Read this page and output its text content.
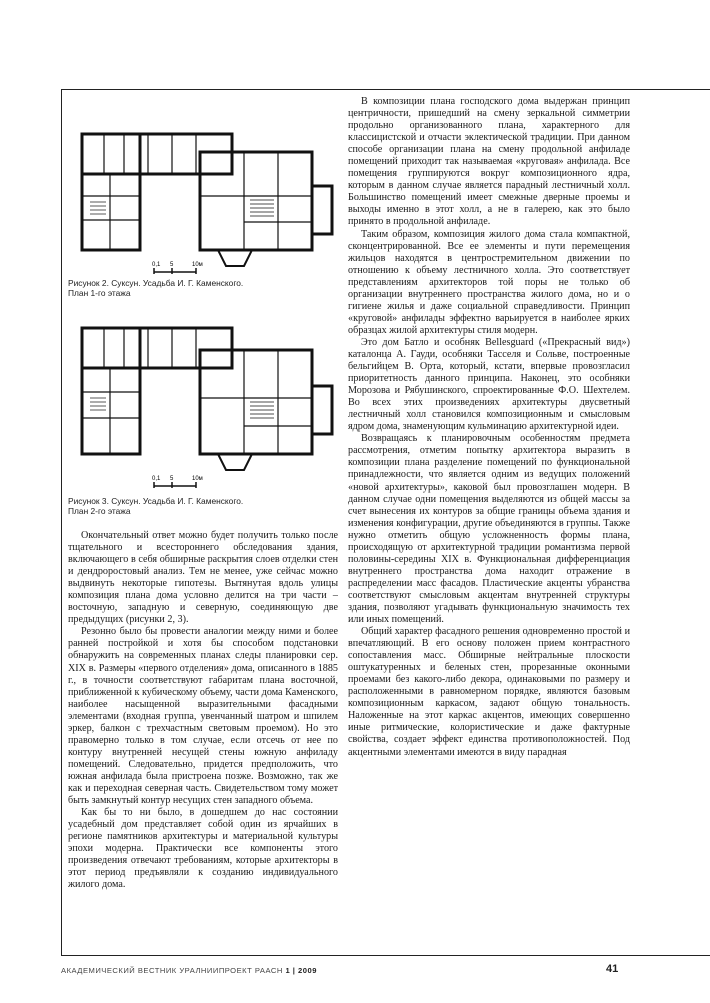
0,1 5	10м
Рисунок 2. Суксун. Усадьба И. Г. Каменского.
План 1-го этажа
0,1 5	10м
Рисунок 3. Суксун. Усадьба И. Г. Каменского.
План 2-го этажа

Окончательный ответ можно будет получить только после тщательного и всестороннего обследования здания, включающего в себя обширные раскрытия слоев отделки стен и дендроростовый анализ. Тем не менее, уже сейчас можно выдвинуть некоторые гипотезы. Вытянутая вдоль улицы композиция плана дома условно делится на три части – восточную, западную и северную, соединяющую две предыдущих (рисунки 2, 3).

Резонно было бы провести аналогии между ними и более ранней постройкой и хотя бы способом подстановки обнаружить на современных планах следы планировки сер. XIX в. Размеры «первого отделения» дома, описанного в 1885 г., в точности соответствуют габаритам плана восточной, приближенной к кубическому объему, части дома Каменского, наиболее насыщенной выразительными фасадными элементами (входная группа, увенчанный шатром и шпилем эркер, балкон с трехчастным световым проемом). Но это правомерно только в том случае, если отсечь от нее по контуру внутренней несущей стены южную анфиладу помещений. Следовательно, придется предположить, что южная анфилада была пристроена позже. Возможно, так же как и переходная северная часть. Свидетельством тому может быть замкнутый контур несущих стен западного объема.

Как бы то ни было, в дошедшем до нас состоянии усадебный дом представляет собой один из ярчайших в регионе памятников архитектуры и материальной культуры эпохи модерна. Практически все компоненты этого произведения отвечают требованиям, которые архитекторы в этот период предъявляли к созданию индивидуального жилого дома.

В композиции плана господского дома выдержан принцип центричности, пришедший на смену зеркальной симметрии продольно организованного плана, характерного для классицистской и отчасти эклектической традиции. При данном способе организации плана на смену продольной анфиладе помещений приходит так называемая «круговая» анфилада. Все помещения группируются вокруг композиционного ядра, которым в данном случае является парадный лестничный холл. Большинство помещений имеет смежные дверные проемы и выходы именно в этот холл, а не в галерею, как это было принято в продольной анфиладе.

Таким образом, композиция жилого дома стала компактной, сконцентрированной. Все ее элементы и пути перемещения жильцов находятся в центростремительном движении по отношению к объему лестничного холла. Это соответствует представлениям архитекторов той поры не только об организации внутреннего пространства жилого дома, но и о гигиене жилья и даже социальной справедливости. Принцип «круговой» анфилады эффектно варьируется в наиболее ярких образцах жилой архитектуры стиля модерн.

Это дом Батло и особняк Bellesguard («Прекрасный вид») каталонца А. Гауди, особняки Тасселя и Сольве, построенные бельгийцем В. Орта, который, кстати, впервые провозгласил приоритетность данного принципа. Наконец, это особняки Морозова и Рябушинского, спроектированные Ф.О. Шехтелем. Во всех этих произведениях архитектуры двусветный лестничный холл становился композиционным и смысловым ядром дома, знаменующим кульминацию архитектурной идеи.

Возвращаясь к планировочным особенностям предмета рассмотрения, отметим попытку архитектора выразить в композиции плана разделение помещений по функциональной принадлежности, что является одним из ведущих положений «новой архитектуры», каковой был провозглашен модерн. В данном случае одни помещения выделяются из общей массы за счет вынесения их контуров за общие границы объема здания и изменения конфигурации, другие объединяются в группы. Также нужно отметить общую усложненность формы плана, происходящую от архитектурной традиции романтизма первой половины-середины XIX в. Функциональная дифференциация внутреннего пространства дома находит отражение в распределении масс фасадов. Пластические акценты убранства соответствуют смысловым акцентам внутренней структуры здания, позволяют угадывать функциональную значимость тех или иных помещений.

Общий характер фасадного решения одновременно простой и впечатляющий. В его основу положен прием контрастного сопоставления масс. Обширные нейтральные плоскости оштукатуренных и беленых стен, прорезанные оконными проемами без какого-либо декора, одинаковыми по размеру и расположенными в равномерном порядке, являются базовым композиционным каркасом, задают общую тональность. Наложенные на этот каркас акцентов, имеющих совершенно иные ритмические, колористические и даже фактурные свойства, создает эффект единства противоположностей. Под акцентными элементами имеются в виду парадная

АКАДЕМИЧЕСКИЙ ВЕСТНИК УРАЛНИИПРОЕКТ РААСН 1 | 2009	41
